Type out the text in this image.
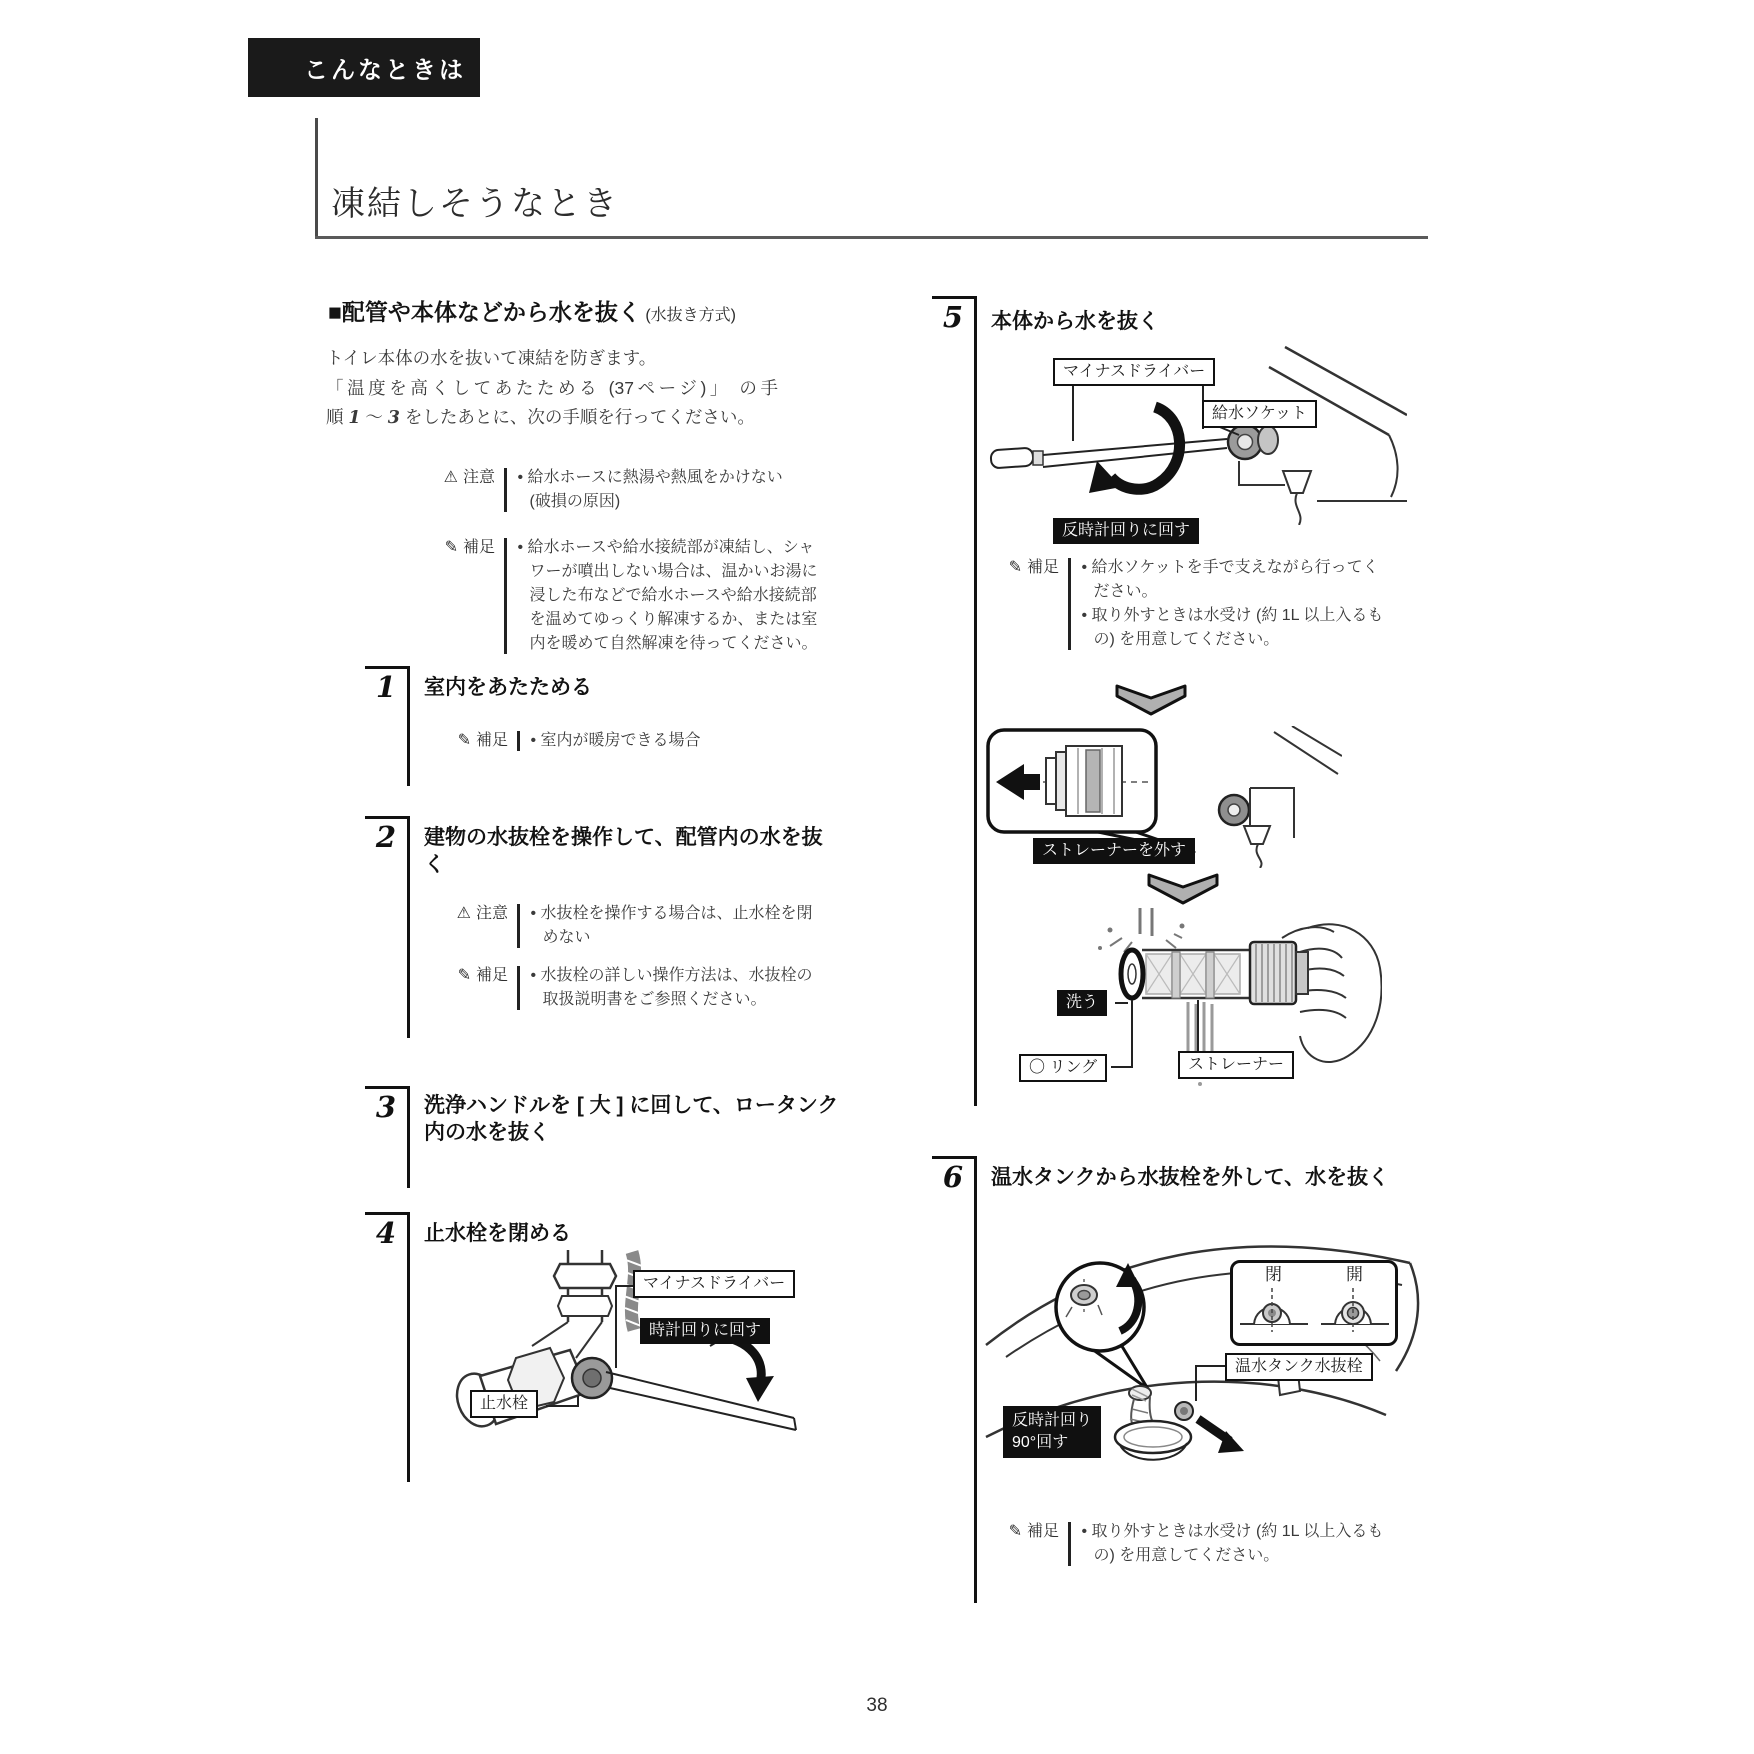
こんなときは
凍結しそうなとき
■配管や本体などから水を抜く (水抜き方式)
トイレ本体の水を抜いて凍結を防ぎます。
「温度を高くしてあたためる (37ページ)」 の手
順 1 ～ 3 をしたあとに、次の手順を行ってください。
⚠ 注意 • 給水ホースに熱湯や熱風をかけない
(破損の原因)
✎ 補足 • 給水ホースや給水接続部が凍結し、シャ
ワーが噴出しない場合は、温かいお湯に
浸した布などで給水ホースや給水接続部
を温めてゆっくり解凍するか、または室
内を暖めて自然解凍を待ってください。
1	室内をあたためる
✎ 補足 • 室内が暖房できる場合
2	建物の水抜栓を操作して、配管内の水を抜
く
⚠ 注意 • 水抜栓を操作する場合は、止水栓を閉
めない
✎ 補足 • 水抜栓の詳しい操作方法は、水抜栓の
取扱説明書をご参照ください。
3	洗浄ハンドルを [ 大 ] に回して、ロータンク
内の水を抜く
4	止水栓を閉める
マイナスドライバー
時計回りに回す
止水栓
5	本体から水を抜く
マイナスドライバー
給水ソケット
反時計回りに回す
✎ 補足 • 給水ソケットを手で支えながら行ってく
ださい。
• 取り外すときは水受け (約 1L 以上入るも
の) を用意してください。
ストレーナーを外す
洗う
〇 リング	ストレーナー
6	温水タンクから水抜栓を外して、水を抜く
閉	開
温水タンク水抜栓
反時計回り
90°回す
✎ 補足 • 取り外すときは水受け (約 1L 以上入るも
の) を用意してください。
38
